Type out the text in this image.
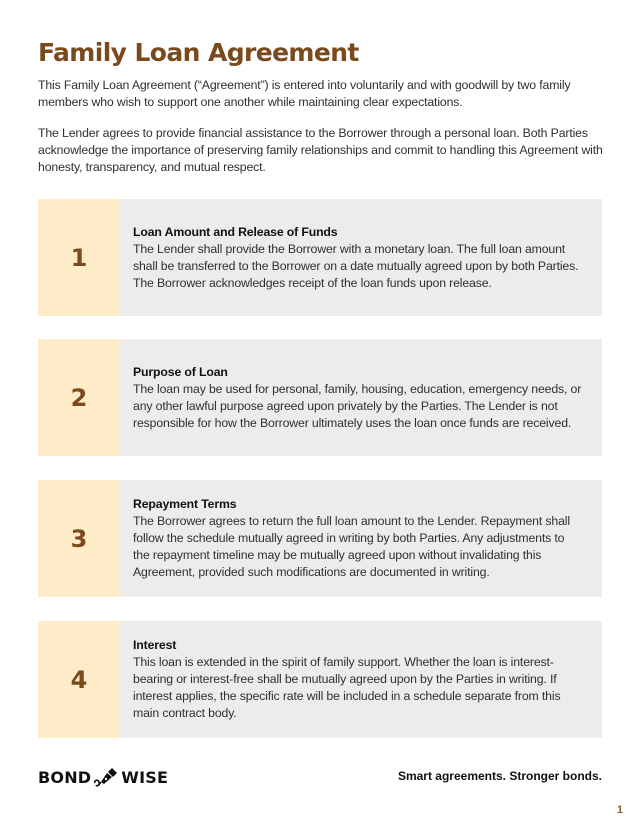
Family Loan Agreement

This Family Loan Agreement (“Agreement”) is entered into voluntarily and with goodwill by two family members who wish to support one another while maintaining clear expectations.

The Lender agrees to provide financial assistance to the Borrower through a personal loan. Both Parties acknowledge the importance of preserving family relationships and commit to handling this Agreement with honesty, transparency, and mutual respect.

1
Loan Amount and Release of Funds
The Lender shall provide the Borrower with a monetary loan. The full loan amount shall be transferred to the Borrower on a date mutually agreed upon by both Parties. The Borrower acknowledges receipt of the loan funds upon release.
2
Purpose of Loan
The loan may be used for personal, family, housing, education, emergency needs, or any other lawful purpose agreed upon privately by the Parties. The Lender is not responsible for how the Borrower ultimately uses the loan once funds are received.
3
Repayment Terms
The Borrower agrees to return the full loan amount to the Lender. Repayment shall follow the schedule mutually agreed in writing by both Parties. Any adjustments to the repayment timeline may be mutually agreed upon without invalidating this Agreement, provided such modifications are documented in writing.
4
Interest
This loan is extended in the spirit of family support. Whether the loan is interest-bearing or interest-free shall be mutually agreed upon by the Parties in writing. If interest applies, the specific rate will be included in a schedule separate from this main contract body.
BOND WISE	Smart agreements. Stronger bonds.
1
